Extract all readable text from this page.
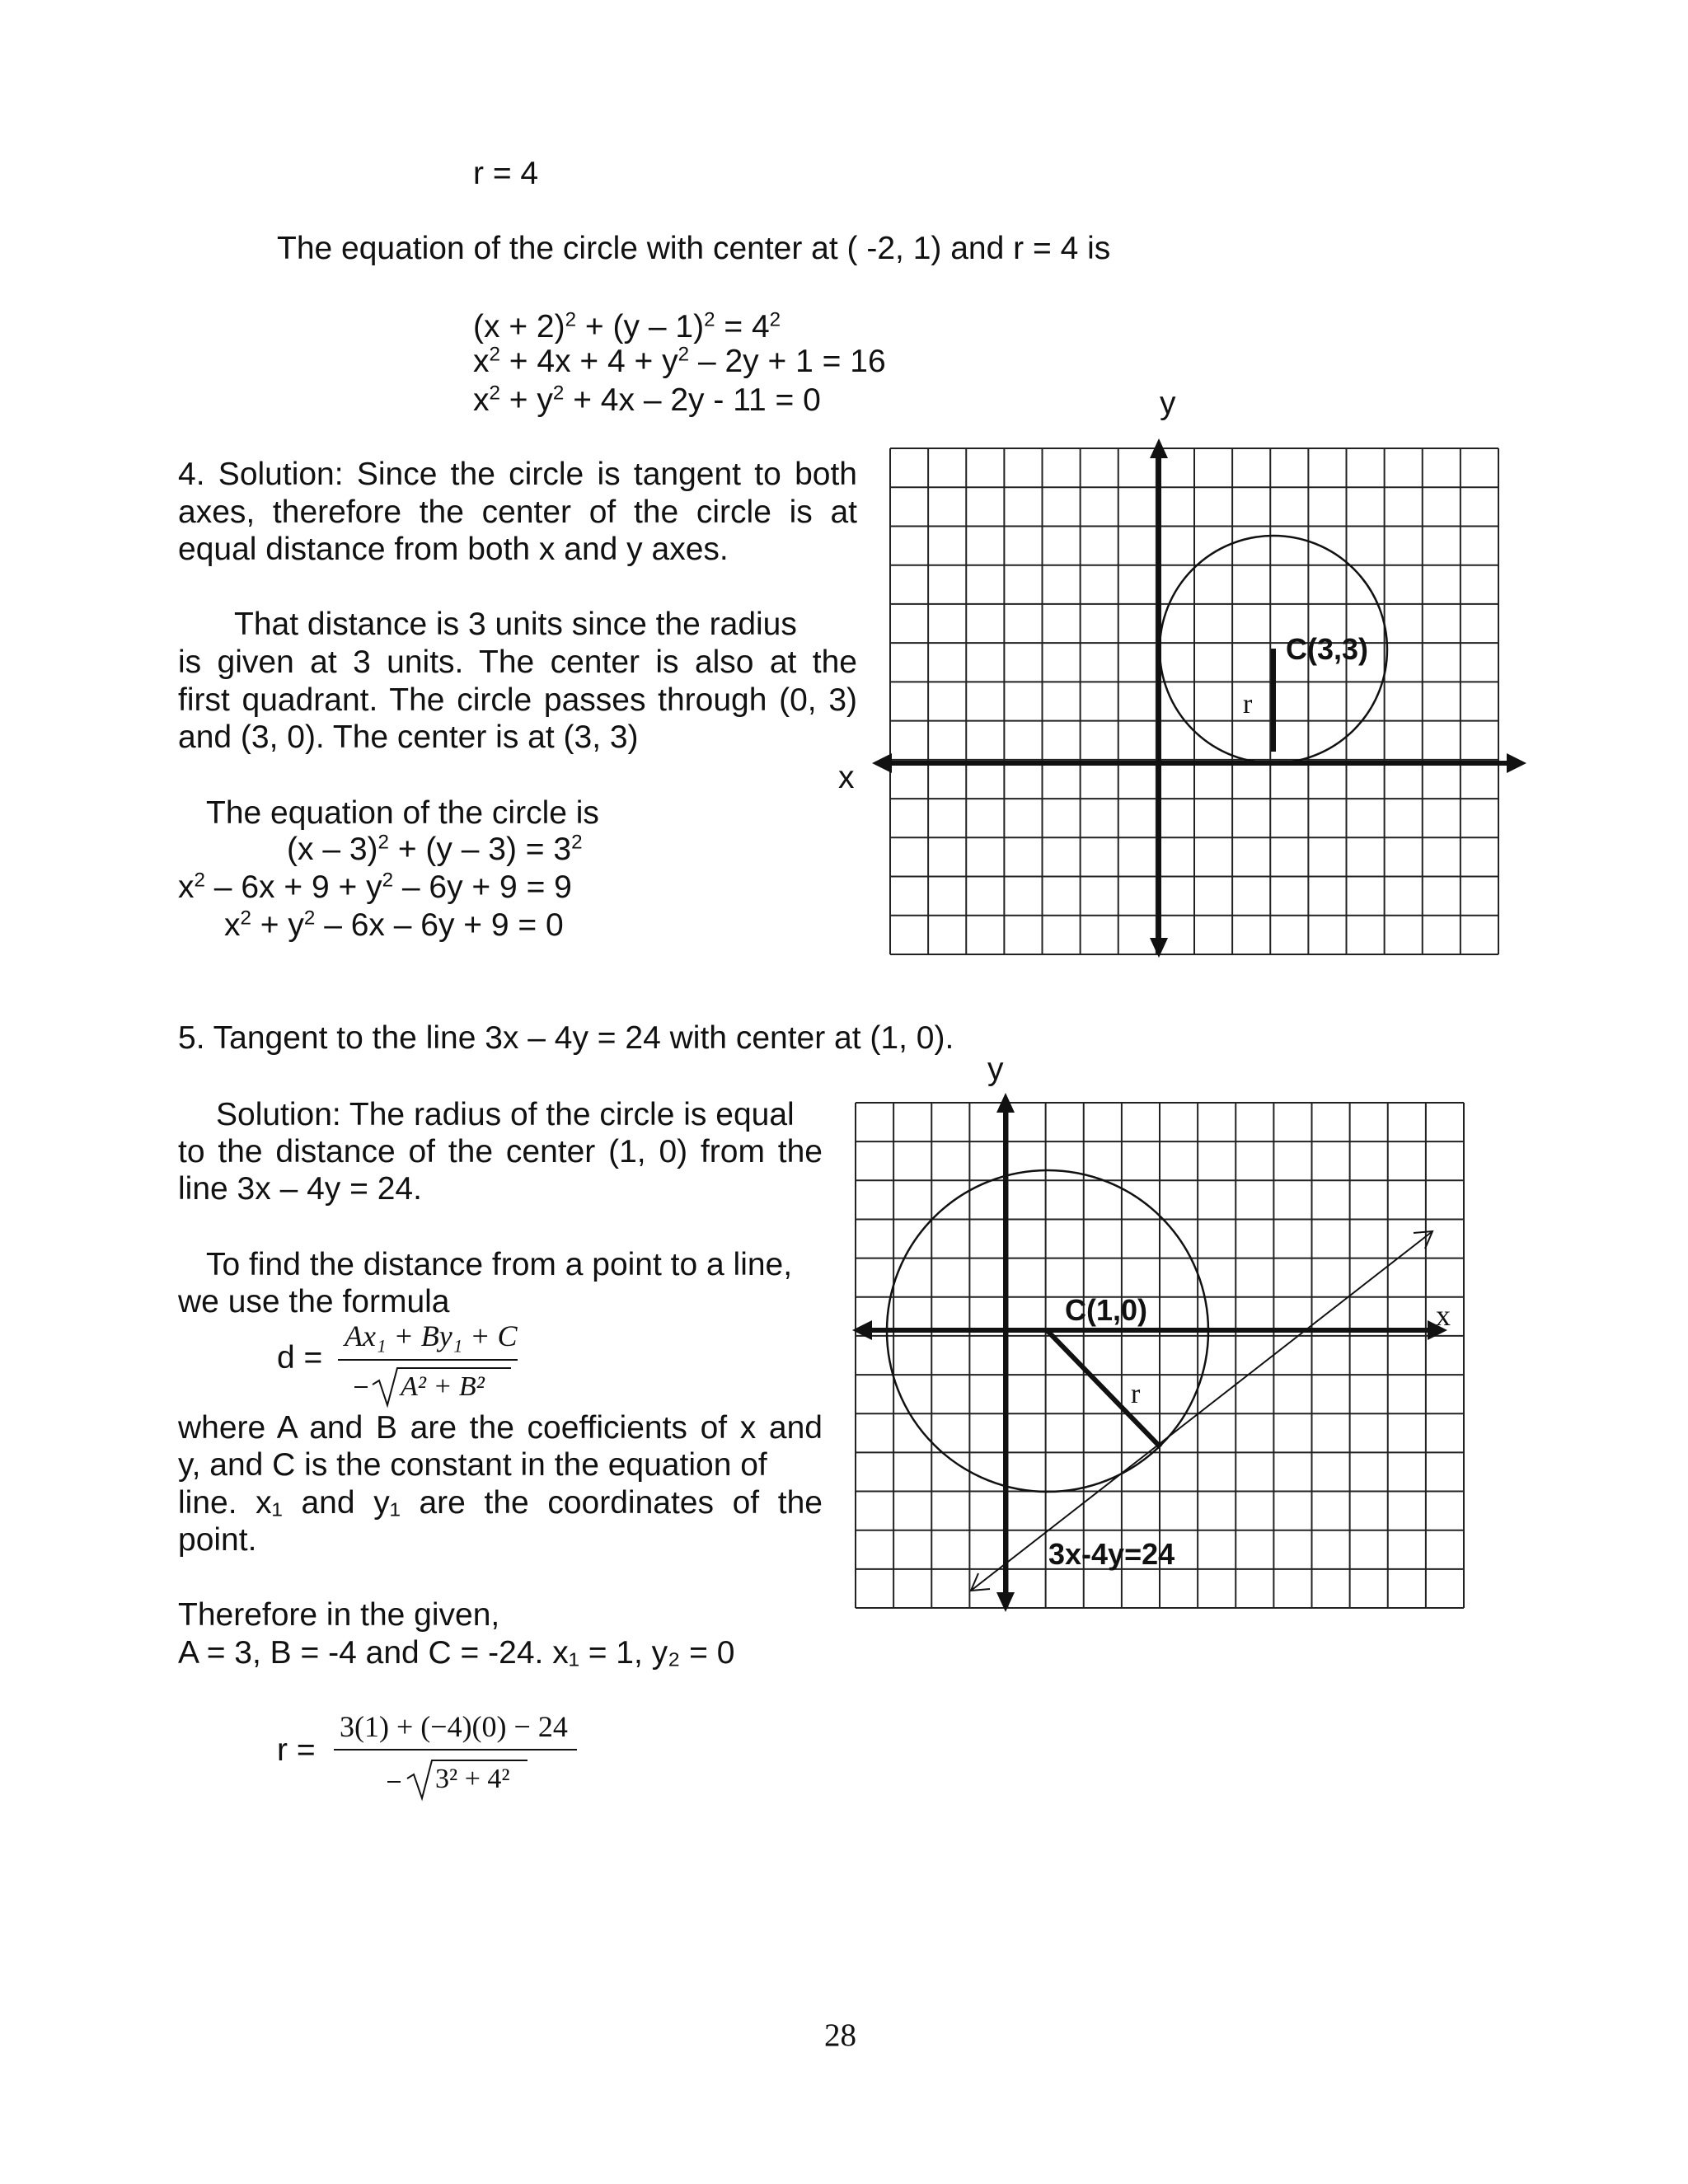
r = 4
The equation of the circle with center at ( -2, 1) and r = 4 is
$(x + 2)^2 + (y - 1)^2 = 4^2$
$x^2 + 4x + 4 + y^2 - 2y + 1 = 16$
$x^2 + y^2 + 4x - 2y - 11 = 0$
4. Solution: Since the circle is tangent to both
axes, therefore the center of the circle is at
equal distance from both x and y axes.
That distance is 3 units since the radius
is given at 3 units. The center is also at the
first quadrant. The circle passes through (0, 3)
and (3, 0). The center is at (3, 3)
The equation of the circle is
$(x - 3)^2 + (y - 3) = 3^2$
$x^2 - 6x + 9 + y^2 - 6y + 9 = 9$
$x^2 + y^2 - 6x - 6y + 9 = 0$
y
x
C(3,3)
r
5. Tangent to the line 3x – 4y = 24 with center at (1, 0).
Solution: The radius of the circle is equal
to the distance of the center (1, 0) from the
line 3x – 4y = 24.
To find the distance from a point to a line,
we use the formula
d =
Ax₁ + By₁ + C
A² + B²
where A and B are the coefficients of x and
y, and C is the constant in the equation of
line. x₁ and y₁ are the coordinates of the
point.
Therefore in the given,
A = 3, B = -4 and C = -24. x₁ = 1, y₂ = 0
r =
3(1) + (−4)(0) − 24
3² + 4²
y
x
C(1,0)
r
3x-4y=24
28
